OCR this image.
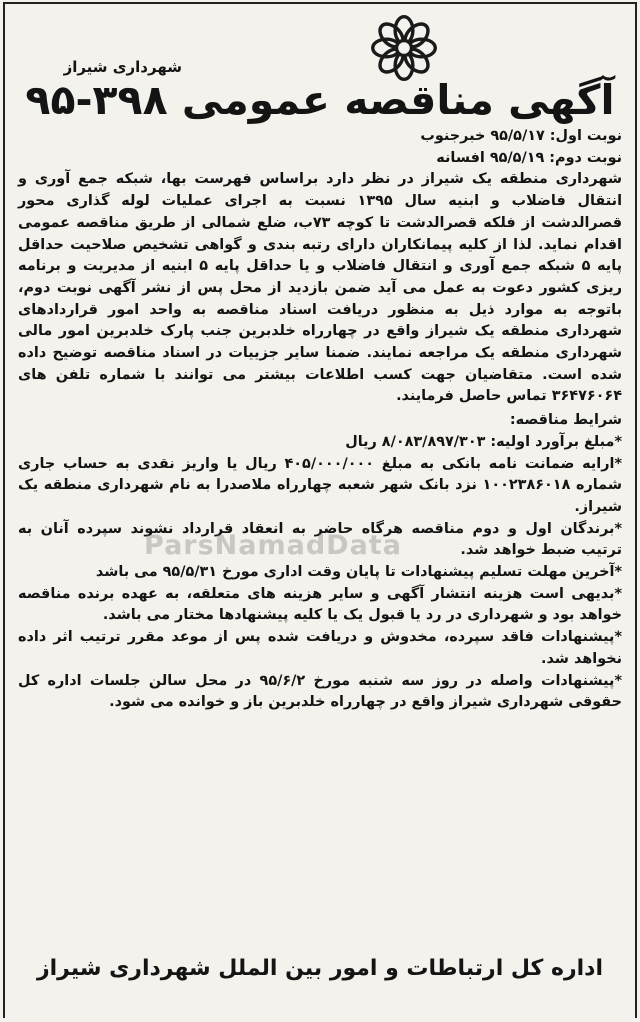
شهرداری شیراز
آگهی مناقصه عمومی ۳۹۸-۹۵

نوبت اول: ۹۵/۵/۱۷ خبرجنوب

نوبت دوم: ۹۵/۵/۱۹ افسانه

شهرداری منطقه یک شیراز در نظر دارد براساس فهرست بها، شبکه جمع آوری و انتقال فاضلاب و ابنیه سال ۱۳۹۵ نسبت به اجرای عملیات لوله گذاری محور قصرالدشت از فلکه قصرالدشت تا کوچه ۷۳ب، ضلع شمالی از طریق مناقصه عمومی اقدام نماید. لذا از کلیه پیمانکاران دارای رتبه بندی و گواهی تشخیص صلاحیت حداقل پایه ۵ شبکه جمع آوری و انتقال فاضلاب و یا حداقل پایه ۵ ابنیه از مدیریت و برنامه ریزی کشور دعوت به عمل می آید ضمن بازدید از محل پس از نشر آگهی نوبت دوم، باتوجه به موارد ذیل به منظور دریافت اسناد مناقصه به واحد امور قراردادهای شهرداری منطقه یک شیراز واقع در چهارراه خلدبرین جنب پارک خلدبرین امور مالی شهرداری منطقه یک مراجعه نمایند. ضمنا سایر جزییات در اسناد مناقصه توضیح داده شده است. متقاضیان جهت کسب اطلاعات بیشتر می توانند با شماره تلفن های ۳۶۴۷۶۰۶۴ تماس حاصل فرمایند.

شرایط مناقصه:

*مبلغ برآورد اولیه: ۸/۰۸۳/۸۹۷/۳۰۳ ریال

*ارایه ضمانت نامه بانکی به مبلغ ۴۰۵/۰۰۰/۰۰۰ ریال یا واریز نقدی به حساب جاری شماره ۱۰۰۲۳۸۶۰۱۸ نزد بانک شهر شعبه چهارراه ملاصدرا به نام شهرداری منطقه یک شیراز.

*برندگان اول و دوم مناقصه هرگاه حاضر به انعقاد قرارداد نشوند سپرده آنان به ترتیب ضبط خواهد شد.

*آخرین مهلت تسلیم پیشنهادات تا پایان وقت اداری مورخ ۹۵/۵/۳۱ می باشد

*بدیهی است هزینه انتشار آگهی و سایر هزینه های متعلقه، به عهده برنده مناقصه خواهد بود و شهرداری در رد یا قبول یک یا کلیه پیشنهادها مختار می باشد.

*پیشنهادات فاقد سپرده، مخدوش و دریافت شده پس از موعد مقرر ترتیب اثر داده نخواهد شد.

*پیشنهادات واصله در روز سه شنبه مورخ ۹۵/۶/۲ در محل سالن جلسات اداره کل حقوقی شهرداری شیراز واقع در چهارراه خلدبرین باز و خوانده می شود.

ParsNamadData
اداره کل ارتباطات و امور بین الملل شهرداری شیراز
